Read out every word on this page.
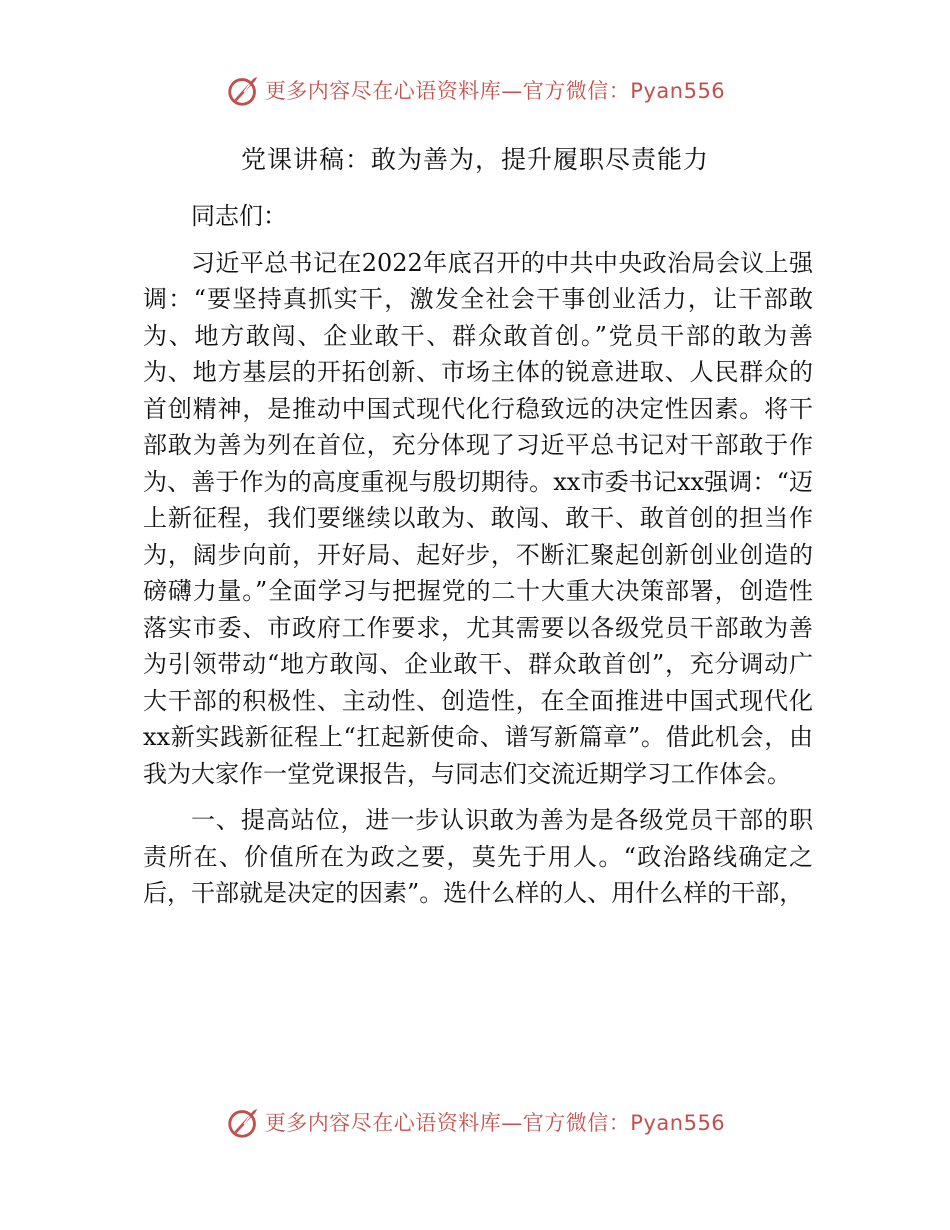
更多内容尽在心语资料库—官方微信：Pyan556
党课讲稿：敢为善为，提升履职尽责能力

同志们：

习近平总书记在2022年底召开的中共中央政治局会议上强调：“要坚持真抓实干，激发全社会干事创业活力，让干部敢为、地方敢闯、企业敢干、群众敢首创。”党员干部的敢为善为、地方基层的开拓创新、市场主体的锐意进取、人民群众的首创精神，是推动中国式现代化行稳致远的决定性因素。将干部敢为善为列在首位，充分体现了习近平总书记对干部敢于作为、善于作为的高度重视与殷切期待。xx市委书记xx强调：“迈上新征程，我们要继续以敢为、敢闯、敢干、敢首创的担当作为，阔步向前，开好局、起好步，不断汇聚起创新创业创造的磅礴力量。”全面学习与把握党的二十大重大决策部署，创造性落实市委、市政府工作要求，尤其需要以各级党员干部敢为善为引领带动“地方敢闯、企业敢干、群众敢首创”，充分调动广大干部的积极性、主动性、创造性，在全面推进中国式现代化xx新实践新征程上“扛起新使命、谱写新篇章”。借此机会，由我为大家作一堂党课报告，与同志们交流近期学习工作体会。

一、提高站位，进一步认识敢为善为是各级党员干部的职责所在、价值所在为政之要，莫先于用人。“政治路线确定之后，干部就是决定的因素”。选什么样的人、用什么样的干部，

更多内容尽在心语资料库—官方微信：Pyan556
